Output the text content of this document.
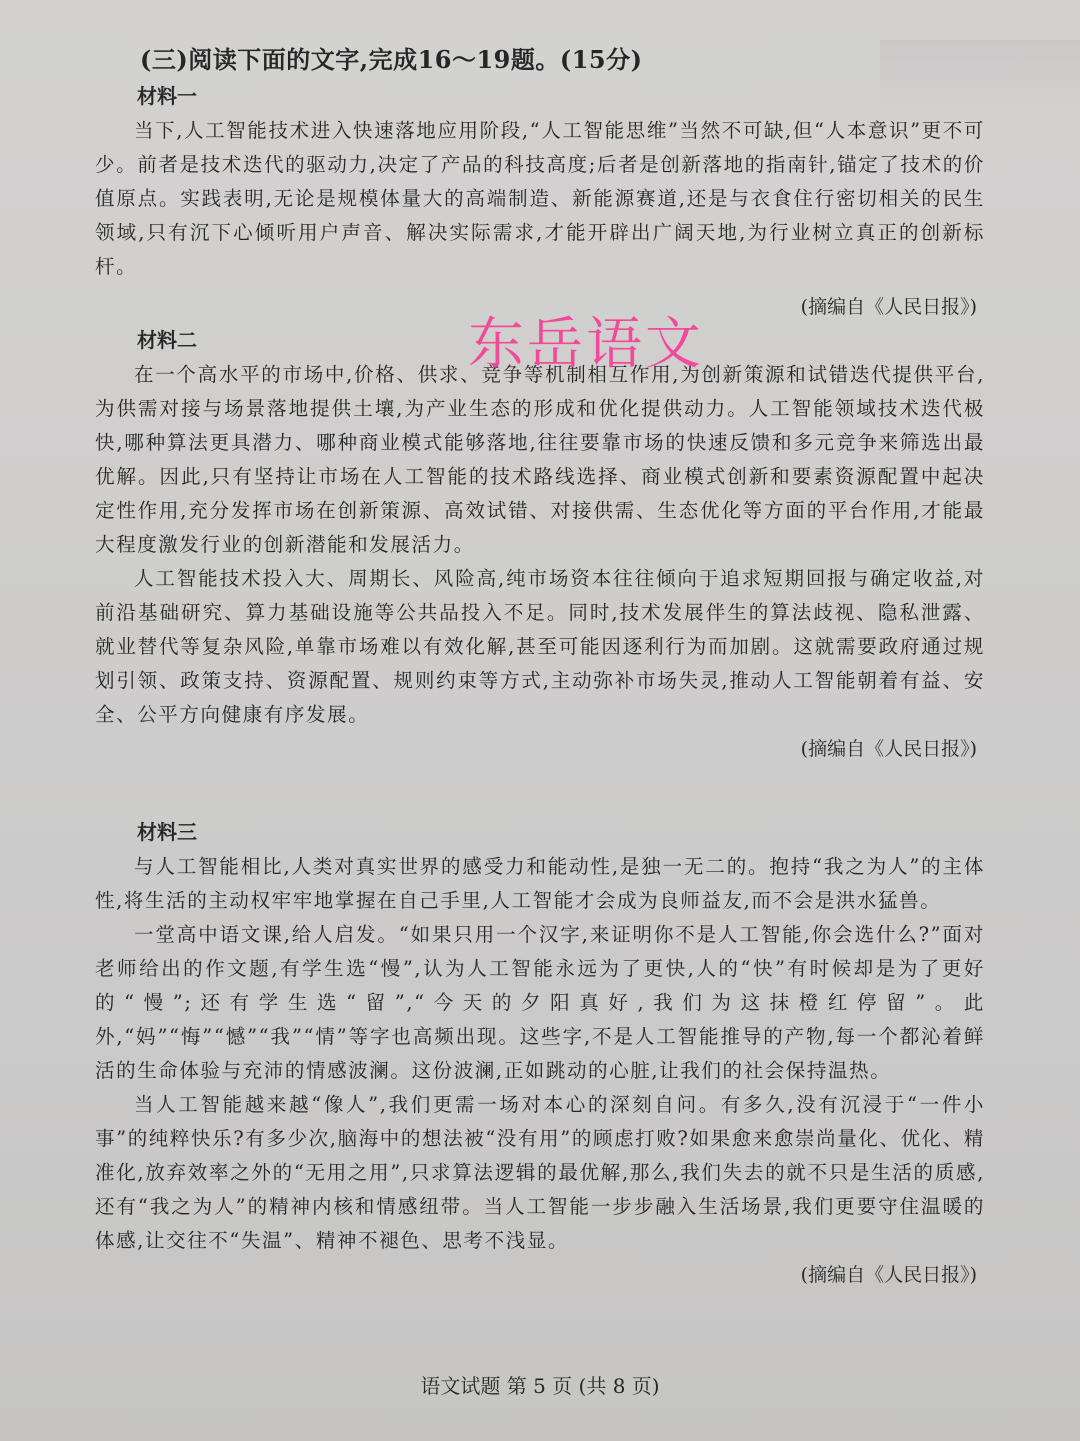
(三)阅读下面的文字,完成16～19题。(15分)
材料一

当下,人工智能技术进入快速落地应用阶段,“人工智能思维”当然不可缺,但“人本意识”更不可少。前者是技术迭代的驱动力,决定了产品的科技高度;后者是创新落地的指南针,锚定了技术的价值原点。实践表明,无论是规模体量大的高端制造、新能源赛道,还是与衣食住行密切相关的民生领域,只有沉下心倾听用户声音、解决实际需求,才能开辟出广阔天地,为行业树立真正的创新标杆。

(摘编自《人民日报》)
材料二

在一个高水平的市场中,价格、供求、竞争等机制相互作用,为创新策源和试错迭代提供平台,为供需对接与场景落地提供土壤,为产业生态的形成和优化提供动力。人工智能领域技术迭代极快,哪种算法更具潜力、哪种商业模式能够落地,往往要靠市场的快速反馈和多元竞争来筛选出最优解。因此,只有坚持让市场在人工智能的技术路线选择、商业模式创新和要素资源配置中起决定性作用,充分发挥市场在创新策源、高效试错、对接供需、生态优化等方面的平台作用,才能最大程度激发行业的创新潜能和发展活力。

人工智能技术投入大、周期长、风险高,纯市场资本往往倾向于追求短期回报与确定收益,对前沿基础研究、算力基础设施等公共品投入不足。同时,技术发展伴生的算法歧视、隐私泄露、就业替代等复杂风险,单靠市场难以有效化解,甚至可能因逐利行为而加剧。这就需要政府通过规划引领、政策支持、资源配置、规则约束等方式,主动弥补市场失灵,推动人工智能朝着有益、安全、公平方向健康有序发展。

(摘编自《人民日报》)
材料三

与人工智能相比,人类对真实世界的感受力和能动性,是独一无二的。抱持“我之为人”的主体性,将生活的主动权牢牢地掌握在自己手里,人工智能才会成为良师益友,而不会是洪水猛兽。

一堂高中语文课,给人启发。“如果只用一个汉字,来证明你不是人工智能,你会选什么?”面对老师给出的作文题,有学生选“慢”,认为人工智能永远为了更快,人的“快”有时候却是为了更好的“慢”;还有学生选“留”,“今天的夕阳真好,我们为这抹橙红停留”。此外,“妈”“悔”“憾”“我”“情”等字也高频出现。这些字,不是人工智能推导的产物,每一个都沁着鲜活的生命体验与充沛的情感波澜。这份波澜,正如跳动的心脏,让我们的社会保持温热。

当人工智能越来越“像人”,我们更需一场对本心的深刻自问。有多久,没有沉浸于“一件小事”的纯粹快乐?有多少次,脑海中的想法被“没有用”的顾虑打败?如果愈来愈崇尚量化、优化、精准化,放弃效率之外的“无用之用”,只求算法逻辑的最优解,那么,我们失去的就不只是生活的质感,还有“我之为人”的精神内核和情感纽带。当人工智能一步步融入生活场景,我们更要守住温暖的体感,让交往不“失温”、精神不褪色、思考不浅显。

(摘编自《人民日报》)
东岳语文
语文试题 第 5 页 (共 8 页)
